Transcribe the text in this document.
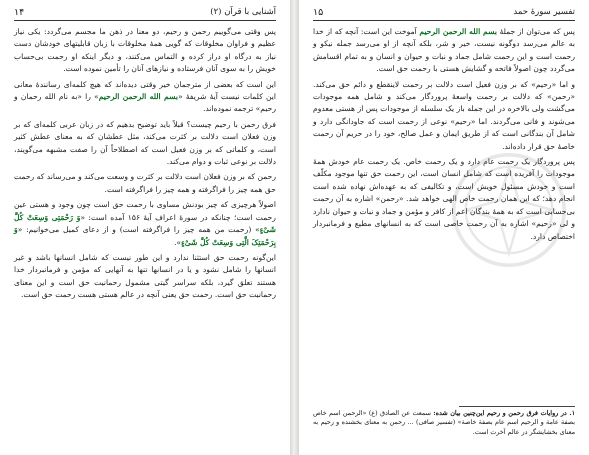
آشنایی با قرآن (۲)
۱۴

پس وقتی می‌گوییم رحمن و رحیم، دو معنا در ذهن ما مجسم می‌گردد: یکی نیاز عظیم و فراوان مخلوقات که گویی همهٔ مخلوقات با زبان قابلیتهای خودشان دست نیاز به درگاه او دراز کرده و التماس می‌کنند، و دیگر اینکه او رحمت بی‌حساب خویش را به سوی آنان فرستاده و نیازهای آنان را تأمین نموده است.

این است که بعضی از مترجمان خیر وقتی دیده‌اند که هیچ کلمه‌ای رسانندهٔ معانی این کلمات نیست آیهٔ شریفهٔ «بسم الله الرحمن الرحیم» را «به نام الله رحمان و رحیم» ترجمه نموده‌اند.

فرق رحمن با رحیم چیست؟ قبلاً باید توضیح بدهیم که در زبان عربی کلمه‌ای که بر وزن فعلان است دلالت بر کثرت می‌کند، مثل عطشان که به معنای عطش کثیر است، و کلماتی که بر وزن فعیل است که اصطلاحاً آن را صفت مشبهه می‌گویند، دلالت بر نوعی ثبات و دوام می‌کند.

رحمن که بر وزن فعلان است دلالت بر کثرت و وسعت می‌کند و می‌رساند که رحمت حق همه چیز را فراگرفته و همه چیز را فراگرفته است.

اصولاً هرچیزی که چیز بودنش مساوی با رحمت حق است چون وجود و هستی عین رحمت است؛ چنانکه در سورهٔ اعراف آیهٔ ۱۵۶ آمده است: «وَ رَحْمَتِی وَسِعَتْ کُلَّ شَیْءٍ» (رحمت من همه چیز را فراگرفته است) و از دعای کمیل می‌خوانیم: «وَ بِرَحْمَتِکَ الَّتِی وَسِعَتْ کُلَّ شَیْءٍ».

این‌گونه رحمت حق استثنا ندارد و این طور نیست که شامل انسانها باشد و غیر انسانها را شامل نشود و یا در انسانها تنها به آنهایی که مؤمن و فرمانبردار خدا هستند تعلق گیرد، بلکه سراسر گیتی مشمول رحمانیت حق است و این معنای رحمانیت حق است. رحمت حق یعنی آنچه در عالم هستی هست رحمت حق است.

تفسیر سورهٔ حمد
۱۵

پس که می‌توان از جملهٔ بسم الله الرحمن الرحیم آموخت این است: آنچه که از خدا به عالم می‌رسد دوگونه نیست، خیر و شر، بلکه آنچه از او می‌رسد جمله نیکو و رحمت است و این رحمت شامل جماد و نبات و حیوان و انسان و به تمام اقسامش می‌گردد چون اصولاً فاتحه و گشایش هستی با رحمت حق است.

و اما «رحیم» که بر وزن فعیل است دلالت بر رحمت لاینقطع و دائم حق می‌کند. «رحمن» که دلالت بر رحمت واسعهٔ پروردگار می‌کند و شامل همه موجودات می‌گشت ولی بالاخره در این جمله باز یک سلسله از موجودات پس از هستی معدوم می‌شوند و فانی می‌گردند. اما «رحیم» نوعی از رحمت است که جاودانگی دارد و شامل آن بندگانی است که از طریق ایمان و عمل صالح، خود را در حریم آن رحمت خاصهٔ حق قرار داده‌اند.

پس پروردگار یک رحمت عام دارد و یک رحمت خاص. یک رحمت عام خودش همهٔ موجودات را آفریده است که شامل انسان است، این رحمت حق تنها موجود مکلّف است و خودش مسئول خویش است، و تکالیفی که به عهده‌اش نهاده شده است انجام دهد؛ که این همان رحمت خاص الهی خواهد شد. «رحمن» اشاره به آن رحمت بی‌حسابی است که به همهٔ بندگان اعم از کافر و مؤمن و جماد و نبات و حیوان نادارد و لی «رحیم» اشاره به آن رحمت خاصی است که به انسانهای مطیع و فرمانبردار اختصاص دارد.

۱. در روایات فرق رحمن و رحیم این‌چنین بیان شده: سمعت عن الصادق (ع) «الرحمن اسم خاص بصفة عامة و الرحیم اسم عام بصفة خاصة» (تفسیر صافی) ... رحمن به معنای بخشنده و رحیم به معنای بخشایشگر در عالم آخرت است.
